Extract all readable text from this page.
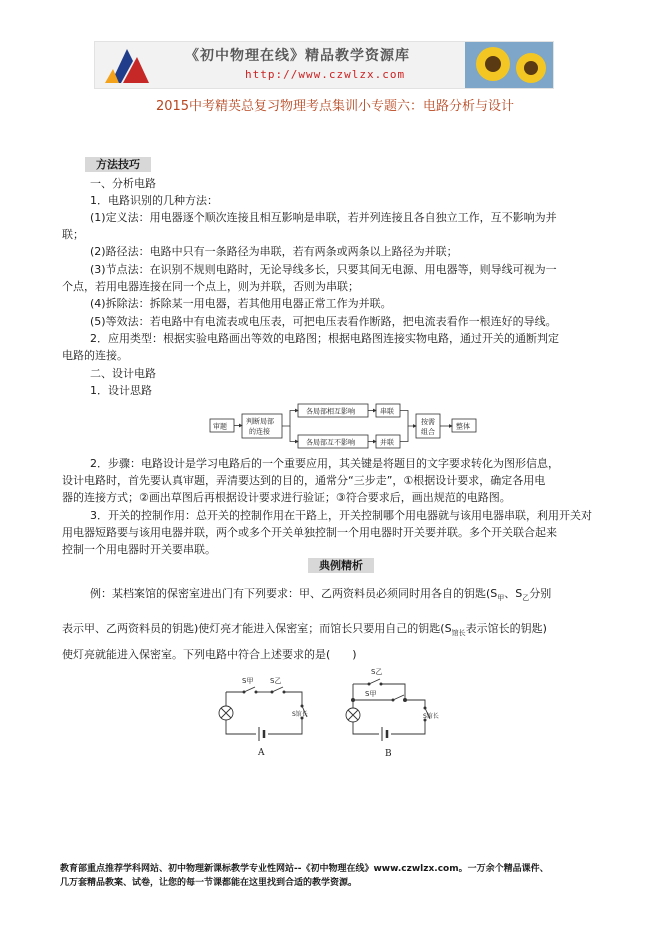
《初中物理在线》精品教学资源库
http://www.czwlzx.com
2015中考精英总复习物理考点集训小专题六：电路分析与设计
方法技巧
一、分析电路
1．电路识别的几种方法：
(1)定义法：用电器逐个顺次连接且相互影响是串联，若并列连接且各自独立工作，互不影响为并
联；
(2)路径法：电路中只有一条路径为串联，若有两条或两条以上路径为并联；
(3)节点法：在识别不规则电路时，无论导线多长，只要其间无电源、用电器等，则导线可视为一
个点，若用电器连接在同一个点上，则为并联，否则为串联；
(4)拆除法：拆除某一用电器，若其他用电器正常工作为并联。
(5)等效法：若电路中有电流表或电压表，可把电压表看作断路，把电流表看作一根连好的导线。
2．应用类型：根据实验电路画出等效的电路图；根据电路图连接实物电路，通过开关的通断判定
电路的连接。
二、设计电路
1．设计思路
审题
判断局部
的连接
各局部相互影响
各局部互不影响
串联
并联
按需
组合
整体
2．步骤：电路设计是学习电路后的一个重要应用，其关键是将题目的文字要求转化为图形信息，
设计电路时，首先要认真审题，弄清要达到的目的，通常分“三步走”，①根据设计要求，确定各用电
器的连接方式；②画出草图后再根据设计要求进行验证；③符合要求后，画出规范的电路图。
3．开关的控制作用：总开关的控制作用在干路上，开关控制哪个用电器就与该用电器串联，利用开关对
用电器短路要与该用电器并联，两个或多个开关单独控制一个用电器时开关要并联。多个开关联合起来
控制一个用电器时开关要串联。
典例精析
例：某档案馆的保密室进出门有下列要求：甲、乙两资料员必须同时用各自的钥匙($S_甲$、$S_乙$分别
表示甲、乙两资料员的钥匙)使灯亮才能进入保密室；而馆长只要用自己的钥匙($S_{馆长}$表示馆长的钥匙)
使灯亮就能进入保密室。下列电路中符合上述要求的是(　　)
S甲 S乙
S馆长
A
S乙
S甲
S馆长
B
教育部重点推荐学科网站、初中物理新课标教学专业性网站--《初中物理在线》www.czwlzx.com。一万余个精品课件、
几万套精品教案、试卷，让您的每一节课都能在这里找到合适的教学资源。
